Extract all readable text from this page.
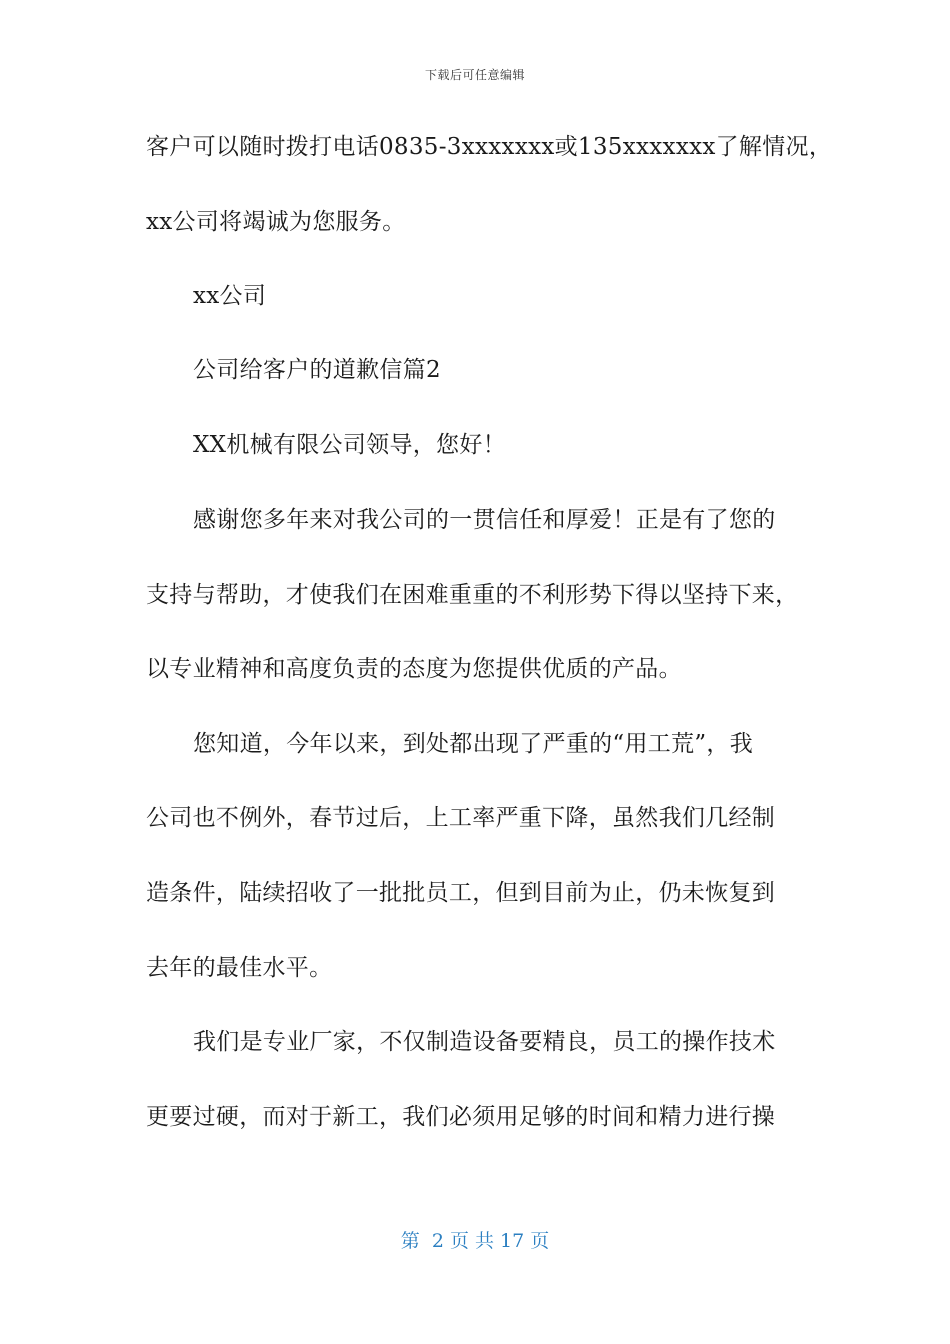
下载后可任意编辑
客户可以随时拨打电话0835-3xxxxxxx或135xxxxxxx了解情况，
xx公司将竭诚为您服务。
xx公司
公司给客户的道歉信篇2
XX机械有限公司领导，您好！
感谢您多年来对我公司的一贯信任和厚爱！正是有了您的
支持与帮助，才使我们在困难重重的不利形势下得以坚持下来，
以专业精神和高度负责的态度为您提供优质的产品。
您知道，今年以来，到处都出现了严重的“用工荒”，我
公司也不例外，春节过后，上工率严重下降，虽然我们几经制
造条件，陆续招收了一批批员工，但到目前为止，仍未恢复到
去年的最佳水平。
我们是专业厂家，不仅制造设备要精良，员工的操作技术
更要过硬，而对于新工，我们必须用足够的时间和精力进行操
第  2 页 共 17 页
